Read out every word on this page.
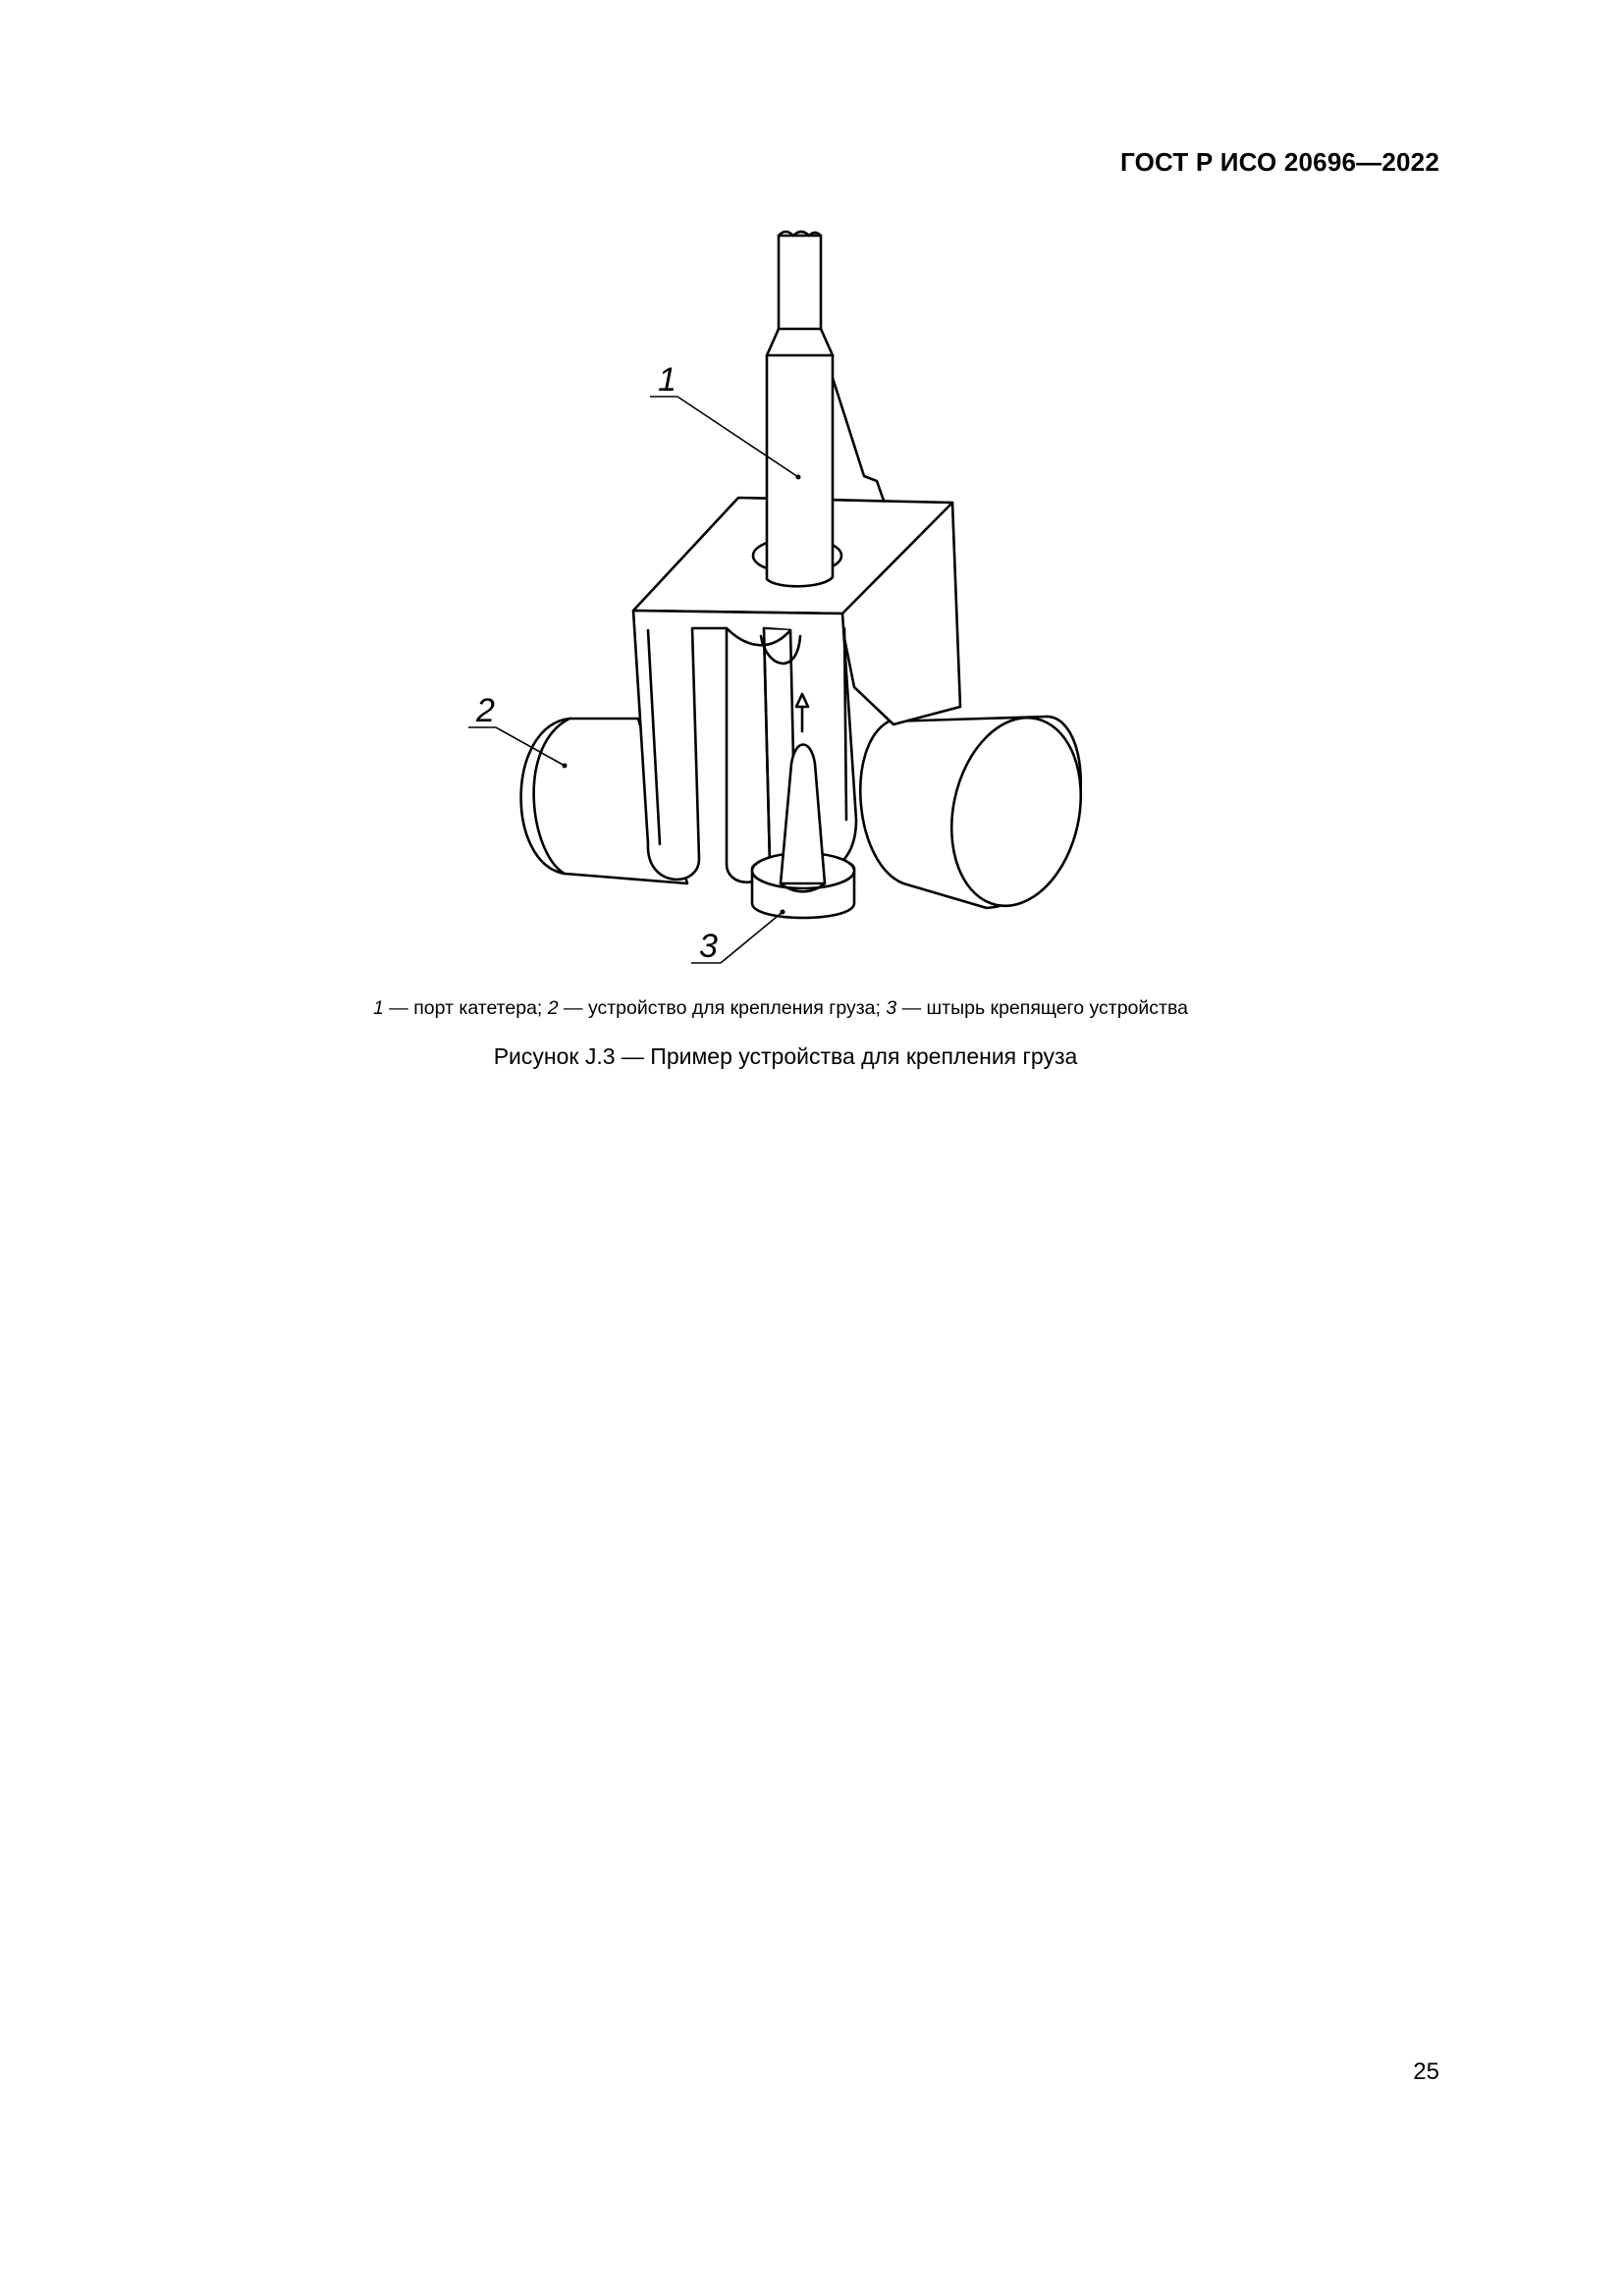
ГОСТ Р ИСО 20696—2022
1
2
3
1 — порт катетера; 2 — устройство для крепления груза; 3 — штырь крепящего устройства
Рисунок J.3 — Пример устройства для крепления груза
25
